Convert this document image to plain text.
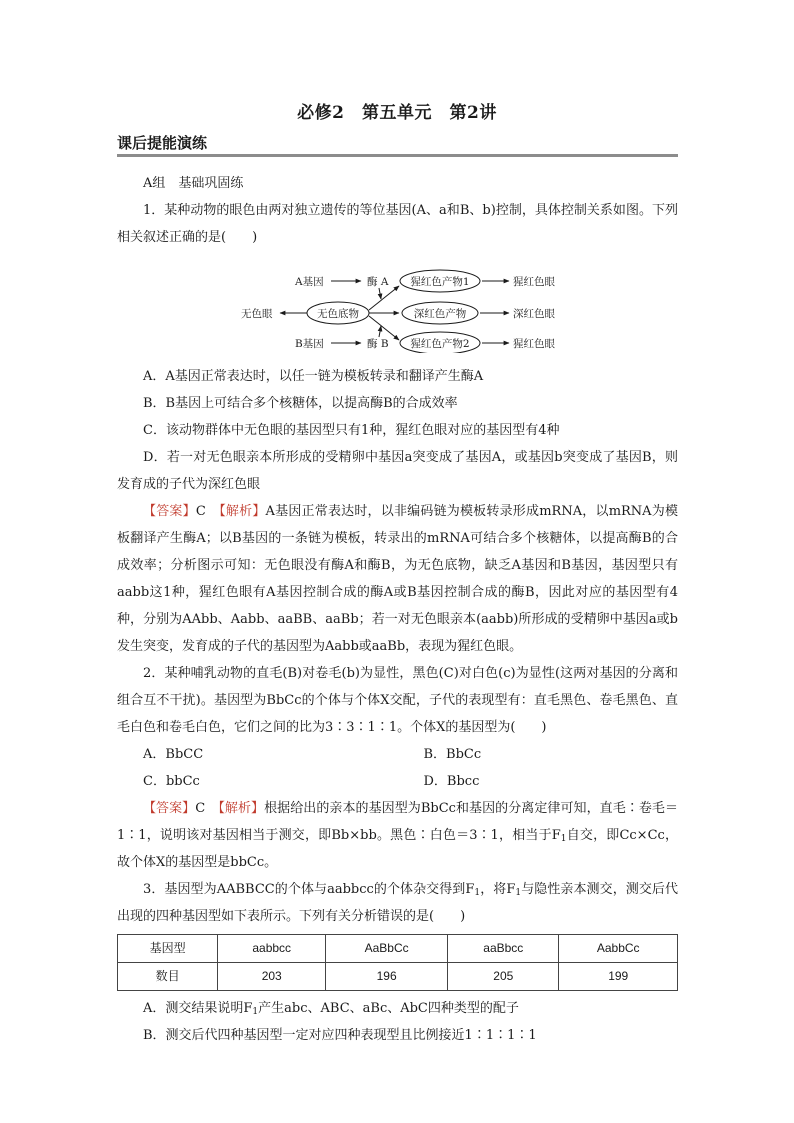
必修2　第五单元　第2讲
课后提能演练

A组　基础巩固练

1．某种动物的眼色由两对独立遗传的等位基因(A、a和B、b)控制，具体控制关系如图。下列相关叙述正确的是(　　)

A基因	酶 A
B基因	酶 B
无色眼	无色底物
猩红色产物1
深红色产物
猩红色产物2
猩红色眼
深红色眼
猩红色眼

A．A基因正常表达时，以任一链为模板转录和翻译产生酶A

B．B基因上可结合多个核糖体，以提高酶B的合成效率

C．该动物群体中无色眼的基因型只有1种，猩红色眼对应的基因型有4种

D．若一对无色眼亲本所形成的受精卵中基因a突变成了基因A，或基因b突变成了基因B，则发育成的子代为深红色眼

【答案】C　 【解析】A基因正常表达时，以非编码链为模板转录形成mRNA，以mRNA为模板翻译产生酶A；以B基因的一条链为模板，转录出的mRNA可结合多个核糖体，以提高酶B的合成效率；分析图示可知：无色眼没有酶A和酶B，为无色底物，缺乏A基因和B基因，基因型只有aabb这1种，猩红色眼有A基因控制合成的酶A或B基因控制合成的酶B，因此对应的基因型有4种，分别为AAbb、Aabb、aaBB、aaBb；若一对无色眼亲本(aabb)所形成的受精卵中基因a或b发生突变，发育成的子代的基因型为Aabb或aaBb，表现为猩红色眼。

2．某种哺乳动物的直毛(B)对卷毛(b)为显性，黑色(C)对白色(c)为显性(这两对基因的分离和组合互不干扰)。基因型为BbCc的个体与个体X交配，子代的表现型有：直毛黑色、卷毛黑色、直毛白色和卷毛白色，它们之间的比为3∶3∶1∶1。个体X的基因型为(　　)

A．BbCC	B．BbCc
C．bbCc	D．Bbcc

【答案】C　 【解析】根据给出的亲本的基因型为BbCc和基因的分离定律可知，直毛∶卷毛＝1∶1，说明该对基因相当于测交，即Bb×bb。黑色∶白色＝3∶1，相当于$F_1$自交，即Cc×Cc，故个体X的基因型是bbCc。

3．基因型为AABBCC的个体与aabbcc的个体杂交得到$F_1$，将$F_1$与隐性亲本测交，测交后代出现的四种基因型如下表所示。下列有关分析错误的是(　　)

基因型	aabbcc	AaBbCc	aaBbcc	AabbCc
数目	203	196	205	199

A．测交结果说明$F_1$产生abc、ABC、aBc、AbC四种类型的配子

B．测交后代四种基因型一定对应四种表现型且比例接近1∶1∶1∶1
